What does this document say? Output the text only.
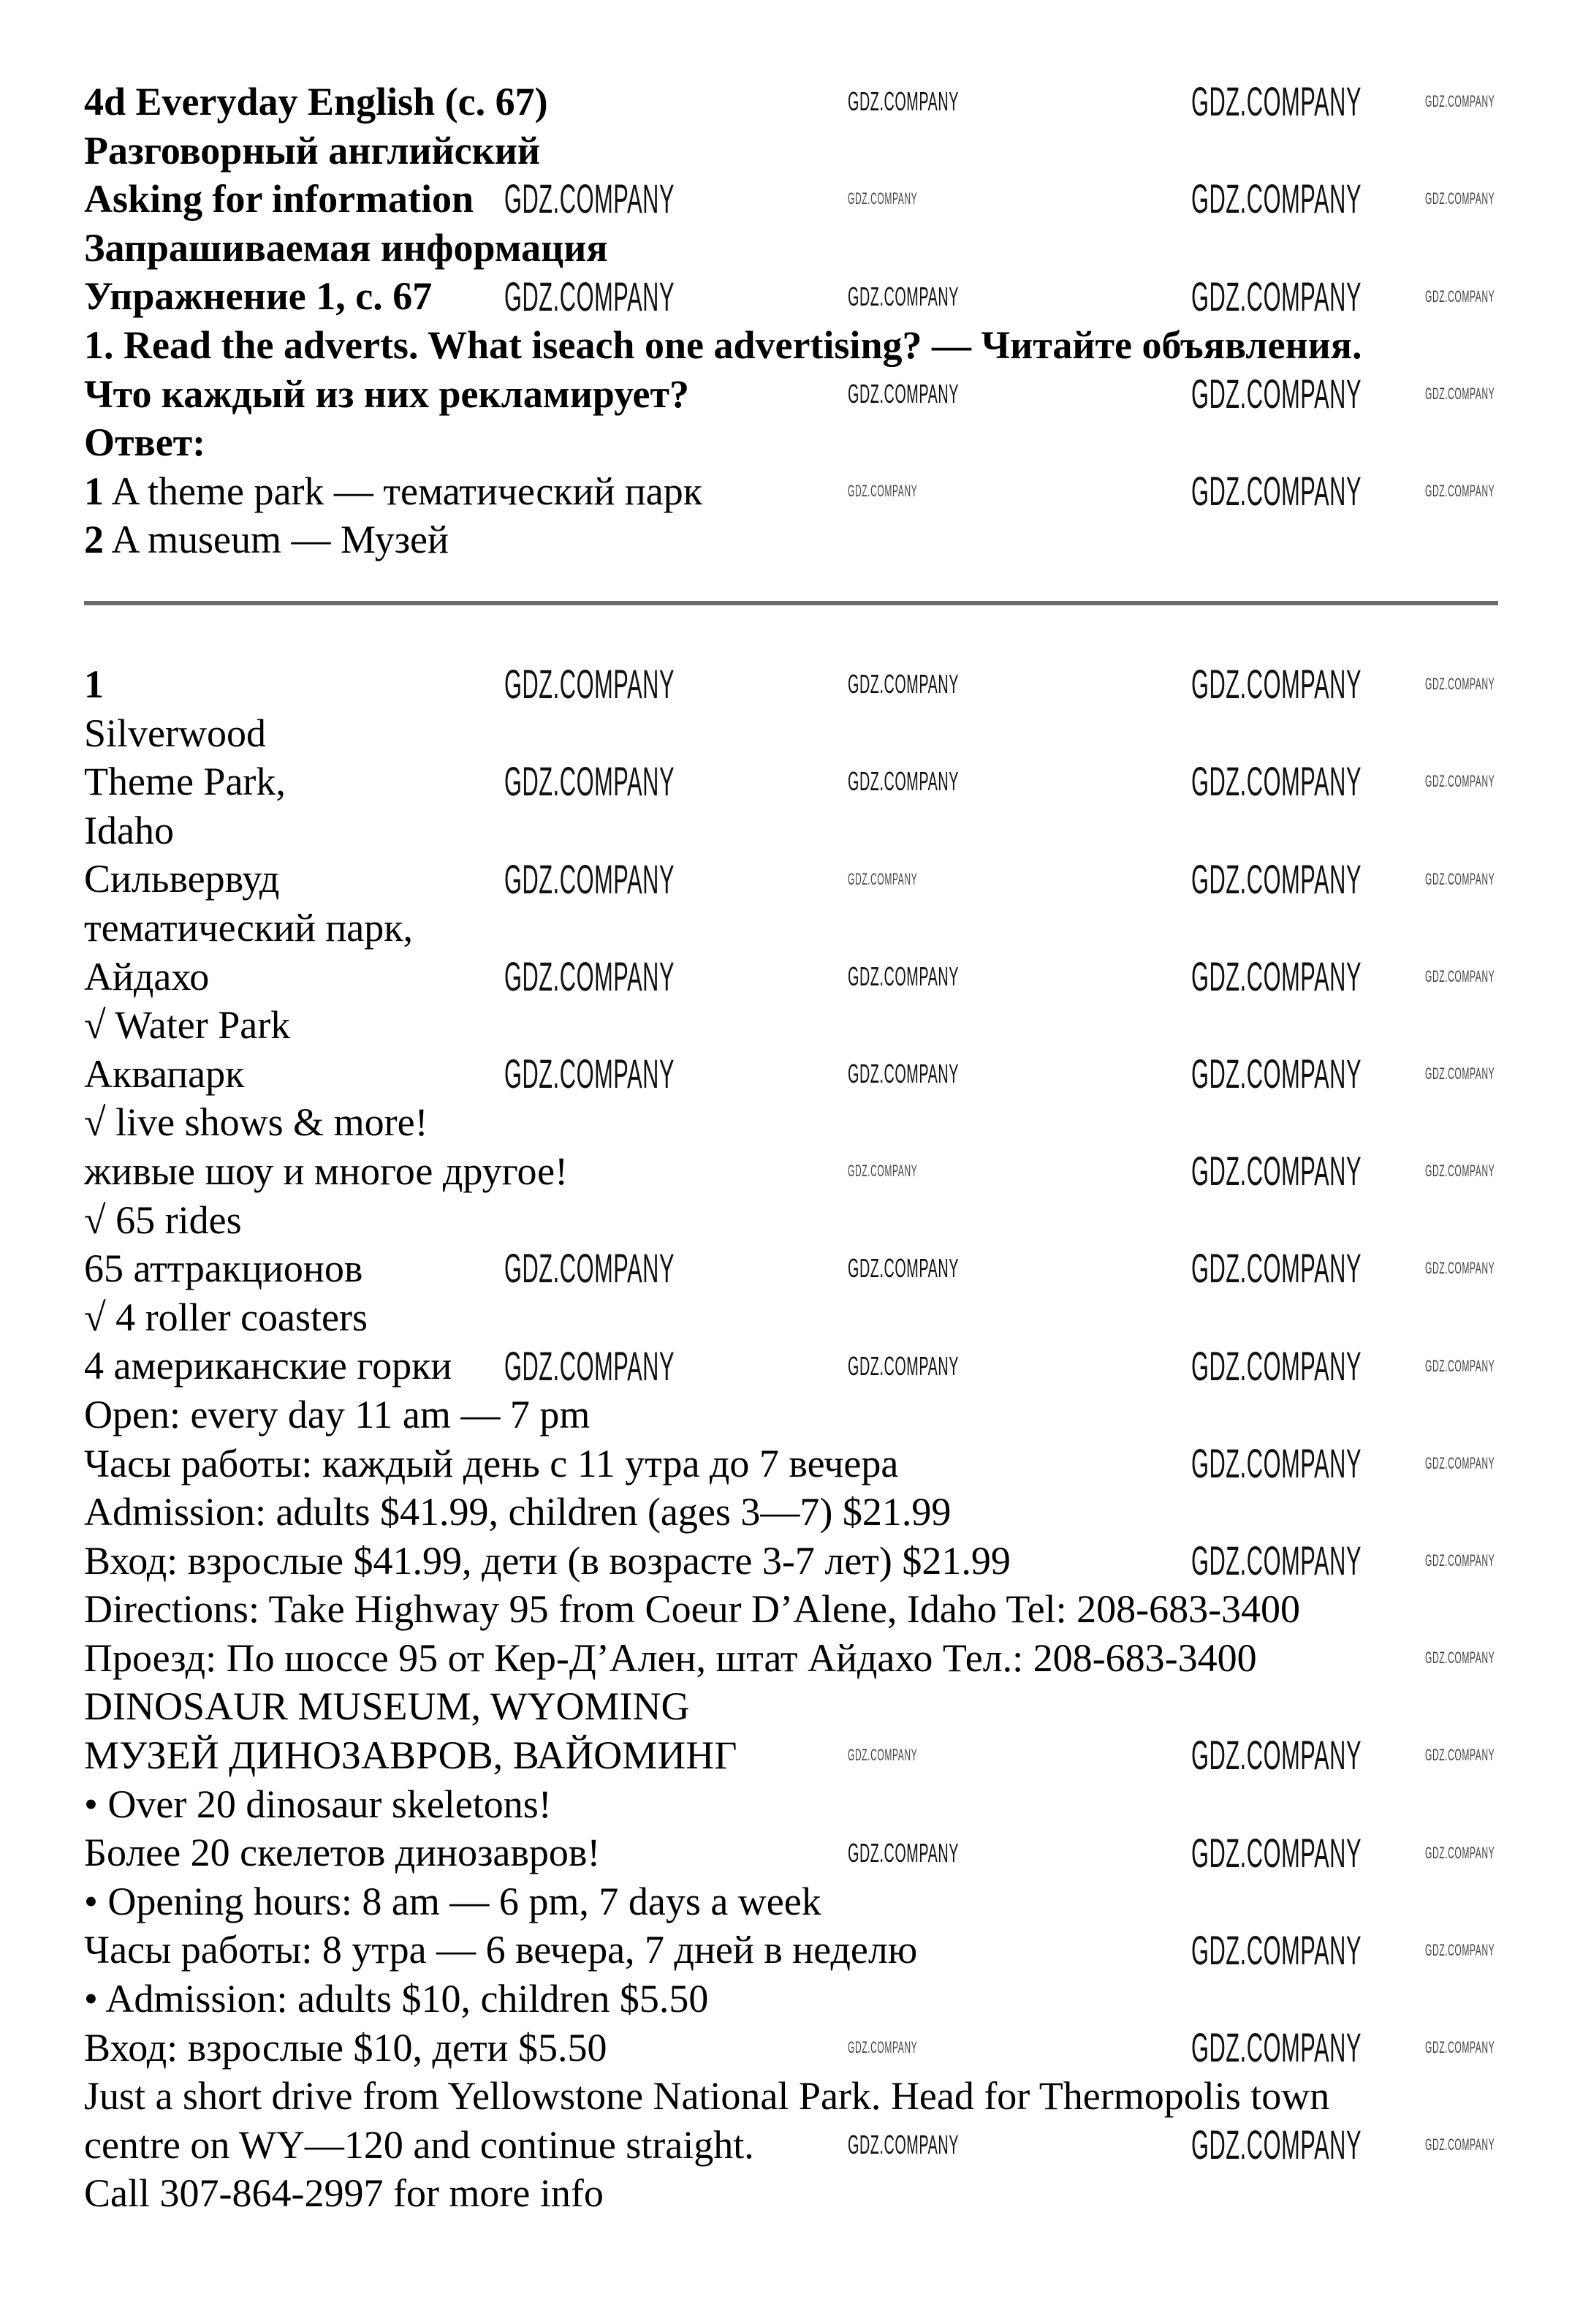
4d Everyday English (с. 67)
Разговорный английский
Asking for information
Запрашиваемая информация
Упражнение 1, с. 67
1. Read the adverts. What iseach one advertising? — Читайте объявления.
Что каждый из них рекламирует?
Ответ:
1 A theme park — тематический парк
2 A museum — Музей
1
Silverwood
Theme Park,
Idaho
Сильвервуд
тематический парк,
Айдахо
√ Water Park
Аквапарк
√ live shows & more!
живые шоу и многое другое!
√ 65 rides
65 аттракционов
√ 4 roller coasters
4 американские горки
Open: every day 11 am — 7 pm
Часы работы: каждый день с 11 утра до 7 вечера
Admission: adults $41.99, children (ages 3—7) $21.99
Вход: взрослые $41.99, дети (в возрасте 3-7 лет) $21.99
Directions: Take Highway 95 from Coeur D’Alene, Idaho Tel: 208-683-3400
Проезд: По шоссе 95 от Кер-Д’Ален, штат Айдахо Тел.: 208-683-3400
DINOSAUR MUSEUM, WYOMING
МУЗЕЙ ДИНОЗАВРОВ, ВАЙОМИНГ
• Over 20 dinosaur skeletons!
Более 20 скелетов динозавров!
• Opening hours: 8 am — 6 pm, 7 days a week
Часы работы: 8 утра — 6 вечера, 7 дней в неделю
• Admission: adults $10, children $5.50
Вход: взрослые $10, дети $5.50
Just a short drive from Yellowstone National Park. Head for Thermopolis town
centre on WY—120 and continue straight.
Call 307-864-2997 for more info
GDZ.COMPANY	GDZ.COMPANY	GDZ.COMPANY
GDZ.COMPANY	GDZ.COMPANY	GDZ.COMPANY	GDZ.COMPANY
GDZ.COMPANY	GDZ.COMPANY	GDZ.COMPANY	GDZ.COMPANY
GDZ.COMPANY	GDZ.COMPANY	GDZ.COMPANY
GDZ.COMPANY	GDZ.COMPANY	GDZ.COMPANY
GDZ.COMPANY	GDZ.COMPANY	GDZ.COMPANY	GDZ.COMPANY
GDZ.COMPANY	GDZ.COMPANY	GDZ.COMPANY	GDZ.COMPANY
GDZ.COMPANY	GDZ.COMPANY	GDZ.COMPANY	GDZ.COMPANY
GDZ.COMPANY	GDZ.COMPANY	GDZ.COMPANY	GDZ.COMPANY
GDZ.COMPANY	GDZ.COMPANY	GDZ.COMPANY	GDZ.COMPANY
GDZ.COMPANY	GDZ.COMPANY	GDZ.COMPANY
GDZ.COMPANY	GDZ.COMPANY	GDZ.COMPANY	GDZ.COMPANY
GDZ.COMPANY	GDZ.COMPANY	GDZ.COMPANY	GDZ.COMPANY
GDZ.COMPANY	GDZ.COMPANY
GDZ.COMPANY	GDZ.COMPANY
GDZ.COMPANY
GDZ.COMPANY	GDZ.COMPANY	GDZ.COMPANY
GDZ.COMPANY	GDZ.COMPANY	GDZ.COMPANY
GDZ.COMPANY	GDZ.COMPANY
GDZ.COMPANY	GDZ.COMPANY	GDZ.COMPANY
GDZ.COMPANY	GDZ.COMPANY	GDZ.COMPANY
